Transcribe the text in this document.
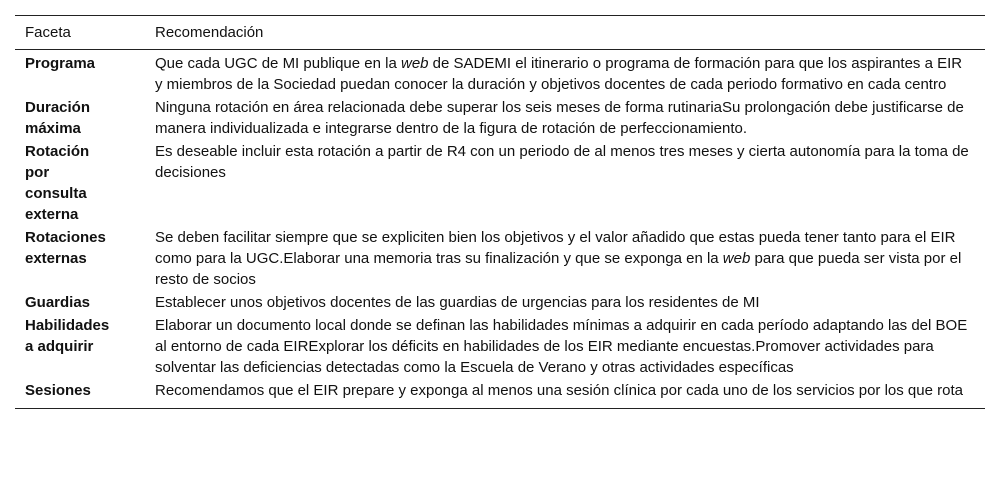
Faceta	Recomendación

Programa	Que cada UGC de MI publique en la web de SADEMI el itinerario o programa de formación para que los aspirantes a EIR y miembros de la Sociedad puedan conocer la duración y objetivos docentes de cada periodo formativo en cada centro

Duración
máxima	Ninguna rotación en área relacionada debe superar los seis meses de forma rutinariaSu prolongación debe justificarse de manera individualizada e integrarse dentro de la figura de rotación de perfeccionamiento.

Rotación
por
consulta
externa	Es deseable incluir esta rotación a partir de R4 con un periodo de al menos tres meses y cierta autonomía para la toma de decisiones

Rotaciones
externas	Se deben facilitar siempre que se expliciten bien los objetivos y el valor añadido que estas pueda tener tanto para el EIR como para la UGC.Elaborar una memoria tras su finalización y que se exponga en la web para que pueda ser vista por el resto de socios

Guardias	Establecer unos objetivos docentes de las guardias de urgencias para los residentes de MI

Habilidades
a adquirir	Elaborar un documento local donde se definan las habilidades mínimas a adquirir en cada período adaptando las del BOE al entorno de cada EIRExplorar los déficits en habilidades de los EIR mediante encuestas.Promover actividades para solventar las deficiencias detectadas como la Escuela de Verano y otras actividades específicas

Sesiones	Recomendamos que el EIR prepare y exponga al menos una sesión clínica por cada uno de los servicios por los que rota
